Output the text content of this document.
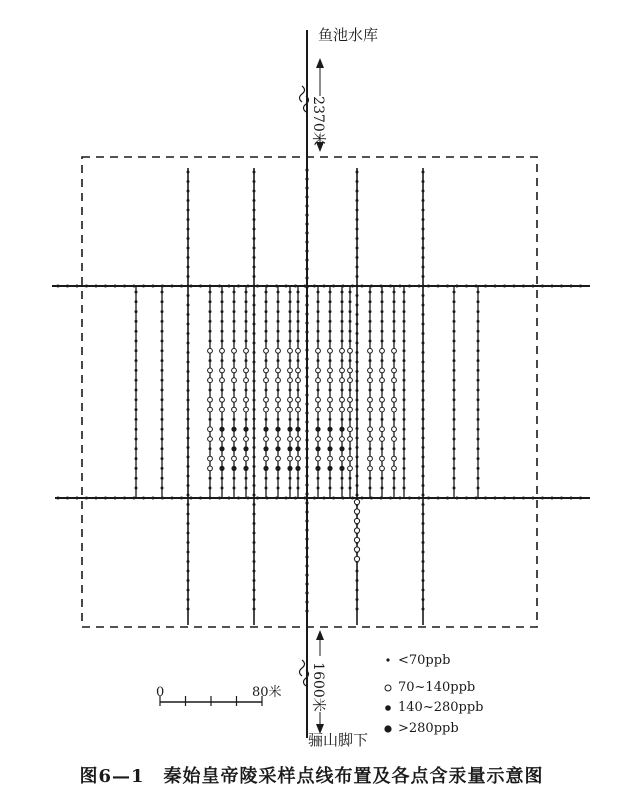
鱼池水库
2370米
1600米
骊山脚下
0	80米
<70ppb
70~140ppb
140~280ppb
>280ppb
图6—1　秦始皇帝陵采样点线布置及各点含汞量示意图
